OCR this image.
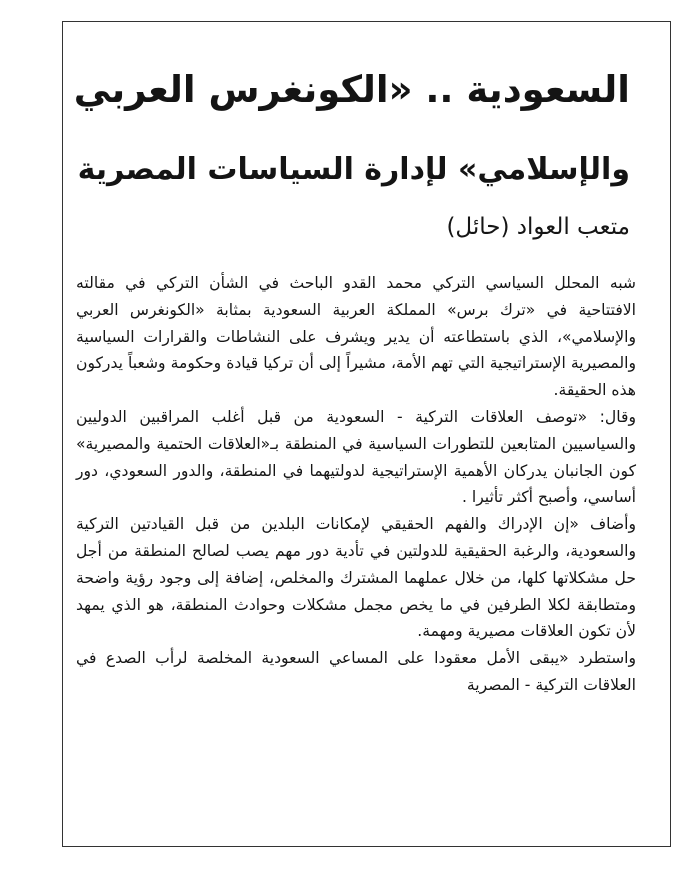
السعودية .. «الكونغرس العربي
والإسلامي» لإدارة السياسات المصرية
متعب العواد (حائل)

شبه المحلل السياسي التركي محمد القدو الباحث في الشأن التركي في مقالته الافتتاحية في «ترك برس» المملكة العربية السعودية بمثابة «الكونغرس العربي والإسلامي»، الذي باستطاعته أن يدير ويشرف على النشاطات والقرارات السياسية والمصيرية الإستراتيجية التي تهم الأمة، مشيراً إلى أن تركيا قيادة وحكومة وشعباً يدركون هذه الحقيقة.

وقال: «توصف العلاقات التركية - السعودية من قبل أغلب المراقبين الدوليين والسياسيين المتابعين للتطورات السياسية في المنطقة بـ«العلاقات الحتمية والمصيرية» كون الجانبان يدركان الأهمية الإستراتيجية لدولتيهما في المنطقة، والدور السعودي، دور أساسي، وأصبح أكثر تأثيرا .

وأضاف «إن الإدراك والفهم الحقيقي لإمكانات البلدين من قبل القيادتين التركية والسعودية، والرغبة الحقيقية للدولتين في تأدية دور مهم يصب لصالح المنطقة من أجل حل مشكلاتها كلها، من خلال عملهما المشترك والمخلص، إضافة إلى وجود رؤية واضحة ومتطابقة لكلا الطرفين في ما يخص مجمل مشكلات وحوادث المنطقة، هو الذي يمهد لأن تكون العلاقات مصيرية ومهمة.

واستطرد «يبقى الأمل معقودا على المساعي السعودية المخلصة لرأب الصدع في العلاقات التركية - المصرية
